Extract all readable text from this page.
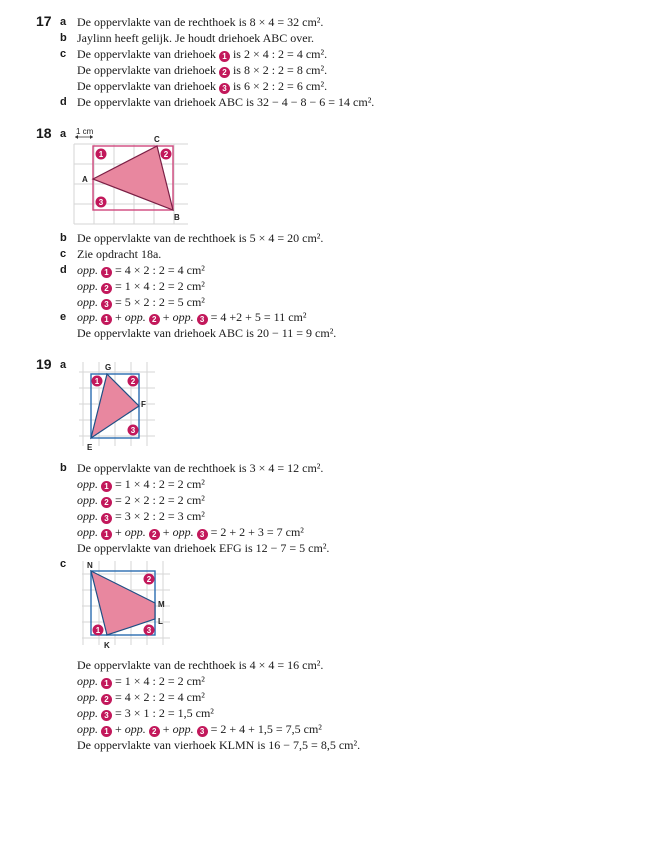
17 a De oppervlakte van de rechthoek is 8 × 4 = 32 cm².
b Jaylinn heeft gelijk. Je houdt driehoek ABC over.
c De oppervlakte van driehoek 1 is 2 × 4 : 2 = 4 cm².
De oppervlakte van driehoek 2 is 8 × 2 : 2 = 8 cm².
De oppervlakte van driehoek 3 is 6 × 2 : 2 = 6 cm².
d De oppervlakte van driehoek ABC is 32 − 4 − 8 − 6 = 14 cm².
18 a 1 cm
C
A
B
1	2
3
b De oppervlakte van de rechthoek is 5 × 4 = 20 cm².
c Zie opdracht 18a.
d opp. 1 = 4 × 2 : 2 = 4 cm²
opp. 2 = 1 × 4 : 2 = 2 cm²
opp. 3 = 5 × 2 : 2 = 5 cm²
e opp. 1 + opp. 2 + opp. 3 = 4 +2 + 5 = 11 cm²
De oppervlakte van driehoek ABC is 20 − 11 = 9 cm².
19 a	G
F
E
1	2
3
b De oppervlakte van de rechthoek is 3 × 4 = 12 cm².
opp. 1 = 1 × 4 : 2 = 2 cm²
opp. 2 = 2 × 2 : 2 = 2 cm²
opp. 3 = 3 × 2 : 2 = 3 cm²
opp. 1 + opp. 2 + opp. 3 = 2 + 2 + 3 = 7 cm²
De oppervlakte van driehoek EFG is 12 − 7 = 5 cm².
c	N
M
L
K
1
2
3
De oppervlakte van de rechthoek is 4 × 4 = 16 cm².
opp. 1 = 1 × 4 : 2 = 2 cm²
opp. 2 = 4 × 2 : 2 = 4 cm²
opp. 3 = 3 × 1 : 2 = 1,5 cm²
opp. 1 + opp. 2 + opp. 3 = 2 + 4 + 1,5 = 7,5 cm²
De oppervlakte van vierhoek KLMN is 16 − 7,5 = 8,5 cm².
